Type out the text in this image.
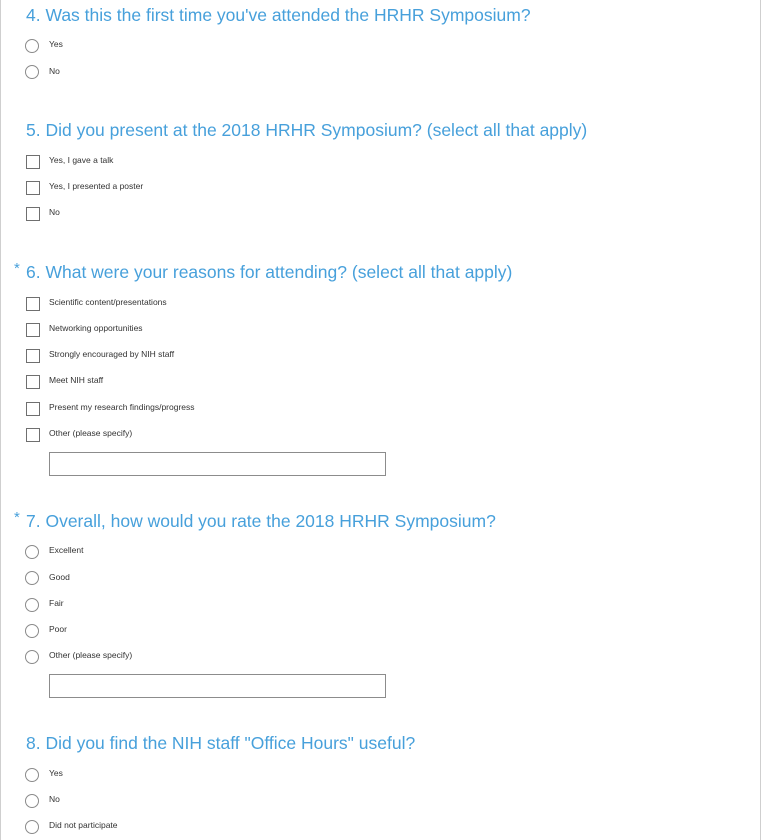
4. Was this the first time you've attended the HRHR Symposium?
Yes
No
5. Did you present at the 2018 HRHR Symposium? (select all that apply)
Yes, I gave a talk
Yes, I presented a poster
No
* 6. What were your reasons for attending? (select all that apply)
Scientific content/presentations
Networking opportunities
Strongly encouraged by NIH staff
Meet NIH staff
Present my research findings/progress
Other (please specify)
* 7. Overall, how would you rate the 2018 HRHR Symposium?
Excellent
Good
Fair
Poor
Other (please specify)
8. Did you find the NIH staff "Office Hours" useful?
Yes
No
Did not participate
